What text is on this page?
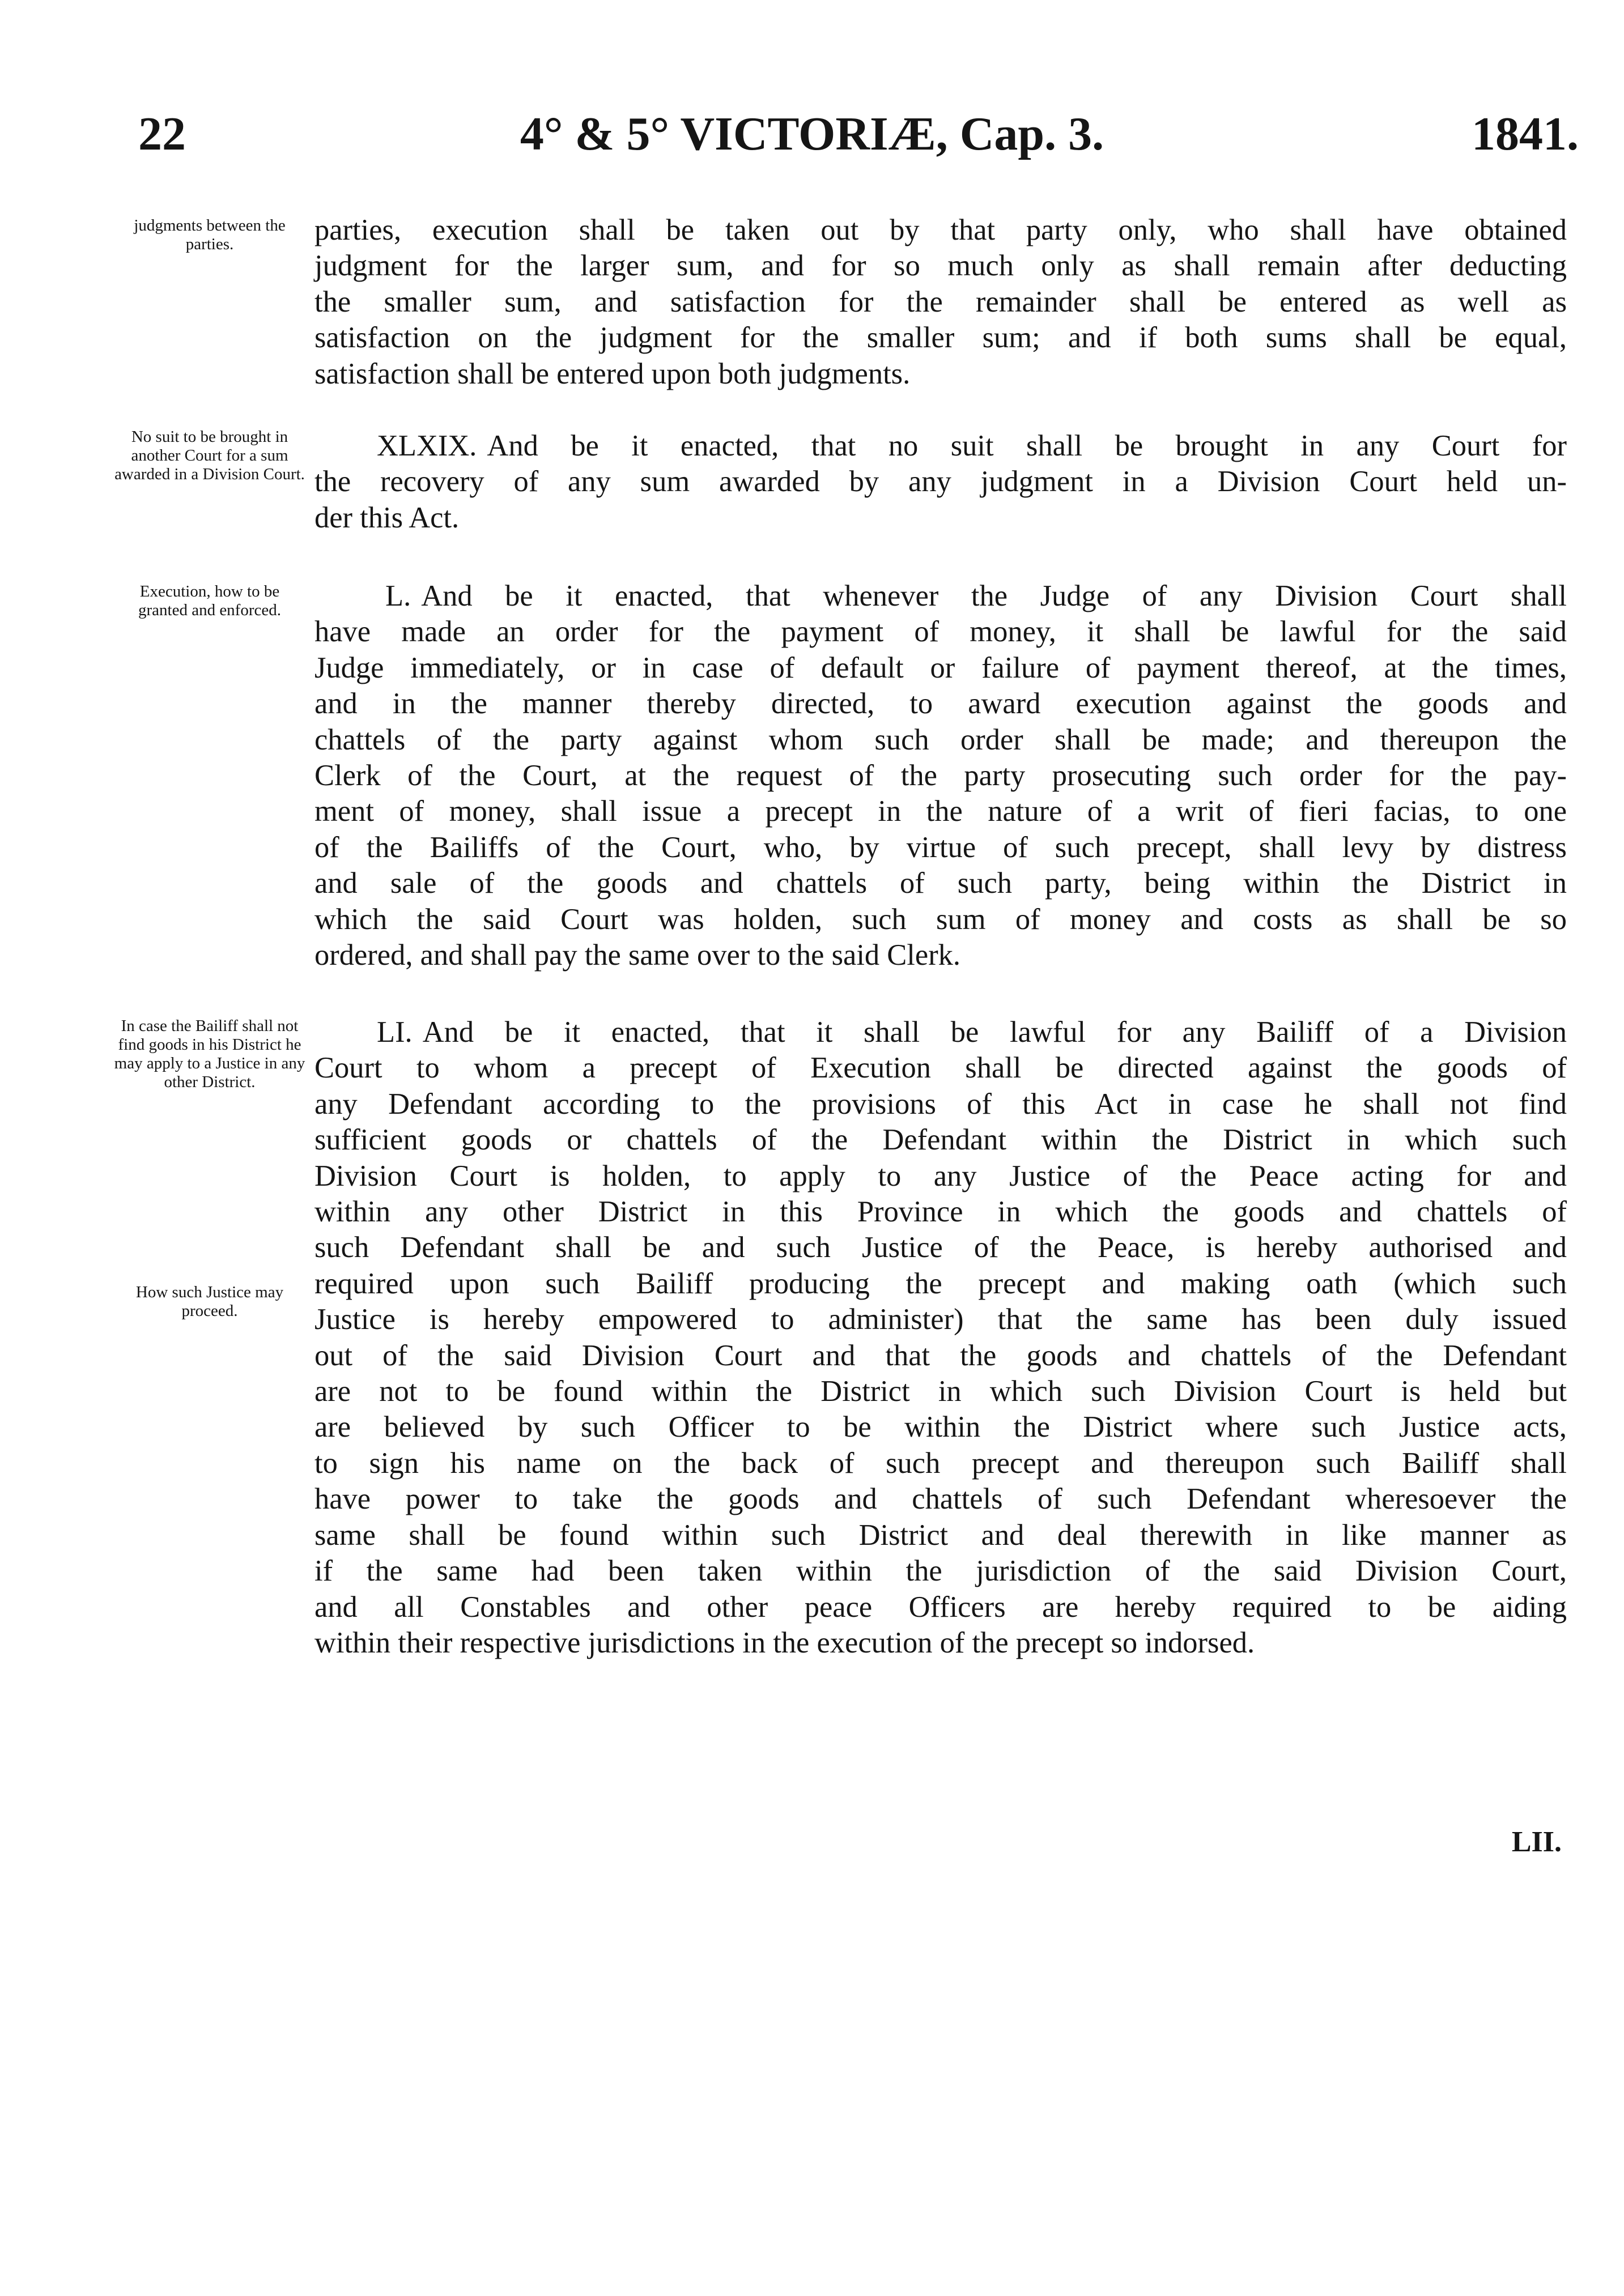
22	4° & 5° VICTORIÆ, Cap. 3.	1841.
judgments between the parties.
No suit to be brought in another Court for a sum awarded in a Division Court.
Execution, how to be granted and enforced.
In case the Bailiff shall not find goods in his District he may apply to a Justice in any other District.
How such Justice may proceed.
parties, execution shall be taken out by that party only, who shall have obtained
judgment for the larger sum, and for so much only as shall remain after deducting
the smaller sum, and satisfaction for the remainder shall be entered as well as
satisfaction on the judgment for the smaller sum; and if both sums shall be equal,
satisfaction shall be entered upon both judgments.
XLXIX. And be it enacted, that no suit shall be brought in any Court for
the recovery of any sum awarded by any judgment in a Division Court held un-
der this Act.
L. And be it enacted, that whenever the Judge of any Division Court shall
have made an order for the payment of money, it shall be lawful for the said
Judge immediately, or in case of default or failure of payment thereof, at the times,
and in the manner thereby directed, to award execution against the goods and
chattels of the party against whom such order shall be made; and thereupon the
Clerk of the Court, at the request of the party prosecuting such order for the pay-
ment of money, shall issue a precept in the nature of a writ of fieri facias, to one
of the Bailiffs of the Court, who, by virtue of such precept, shall levy by distress
and sale of the goods and chattels of such party, being within the District in
which the said Court was holden, such sum of money and costs as shall be so
ordered, and shall pay the same over to the said Clerk.
LI. And be it enacted, that it shall be lawful for any Bailiff of a Division
Court to whom a precept of Execution shall be directed against the goods of
any Defendant according to the provisions of this Act in case he shall not find
sufficient goods or chattels of the Defendant within the District in which such
Division Court is holden, to apply to any Justice of the Peace acting for and
within any other District in this Province in which the goods and chattels of
such Defendant shall be and such Justice of the Peace, is hereby authorised and
required upon such Bailiff producing the precept and making oath (which such
Justice is hereby empowered to administer) that the same has been duly issued
out of the said Division Court and that the goods and chattels of the Defendant
are not to be found within the District in which such Division Court is held but
are believed by such Officer to be within the District where such Justice acts,
to sign his name on the back of such precept and thereupon such Bailiff shall
have power to take the goods and chattels of such Defendant wheresoever the
same shall be found within such District and deal therewith in like manner as
if the same had been taken within the jurisdiction of the said Division Court,
and all Constables and other peace Officers are hereby required to be aiding
within their respective jurisdictions in the execution of the precept so indorsed.
LII.
